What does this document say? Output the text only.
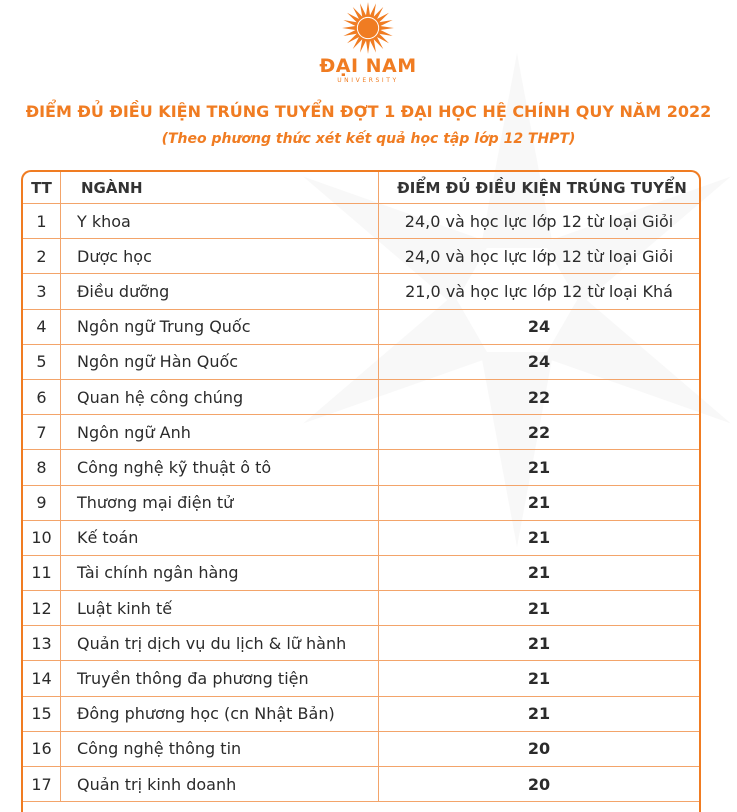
ĐẠI NAM
UNIVERSITY
ĐIỂM ĐỦ ĐIỀU KIỆN TRÚNG TUYỂN ĐỢT 1 ĐẠI HỌC HỆ CHÍNH QUY NĂM 2022
(Theo phương thức xét kết quả học tập lớp 12 THPT)
TT	NGÀNH	ĐIỂM ĐỦ ĐIỀU KIỆN TRÚNG TUYỂN
1	Y khoa	24,0 và học lực lớp 12 từ loại Giỏi
2	Dược học	24,0 và học lực lớp 12 từ loại Giỏi
3	Điều dưỡng	21,0 và học lực lớp 12 từ loại Khá
4	Ngôn ngữ Trung Quốc	24
5	Ngôn ngữ Hàn Quốc	24
6	Quan hệ công chúng	22
7	Ngôn ngữ Anh	22
8	Công nghệ kỹ thuật ô tô	21
9	Thương mại điện tử	21
10	Kế toán	21
11	Tài chính ngân hàng	21
12	Luật kinh tế	21
13	Quản trị dịch vụ du lịch & lữ hành	21
14	Truyền thông đa phương tiện	21
15	Đông phương học (cn Nhật Bản)	21
16	Công nghệ thông tin	20
17	Quản trị kinh doanh	20
